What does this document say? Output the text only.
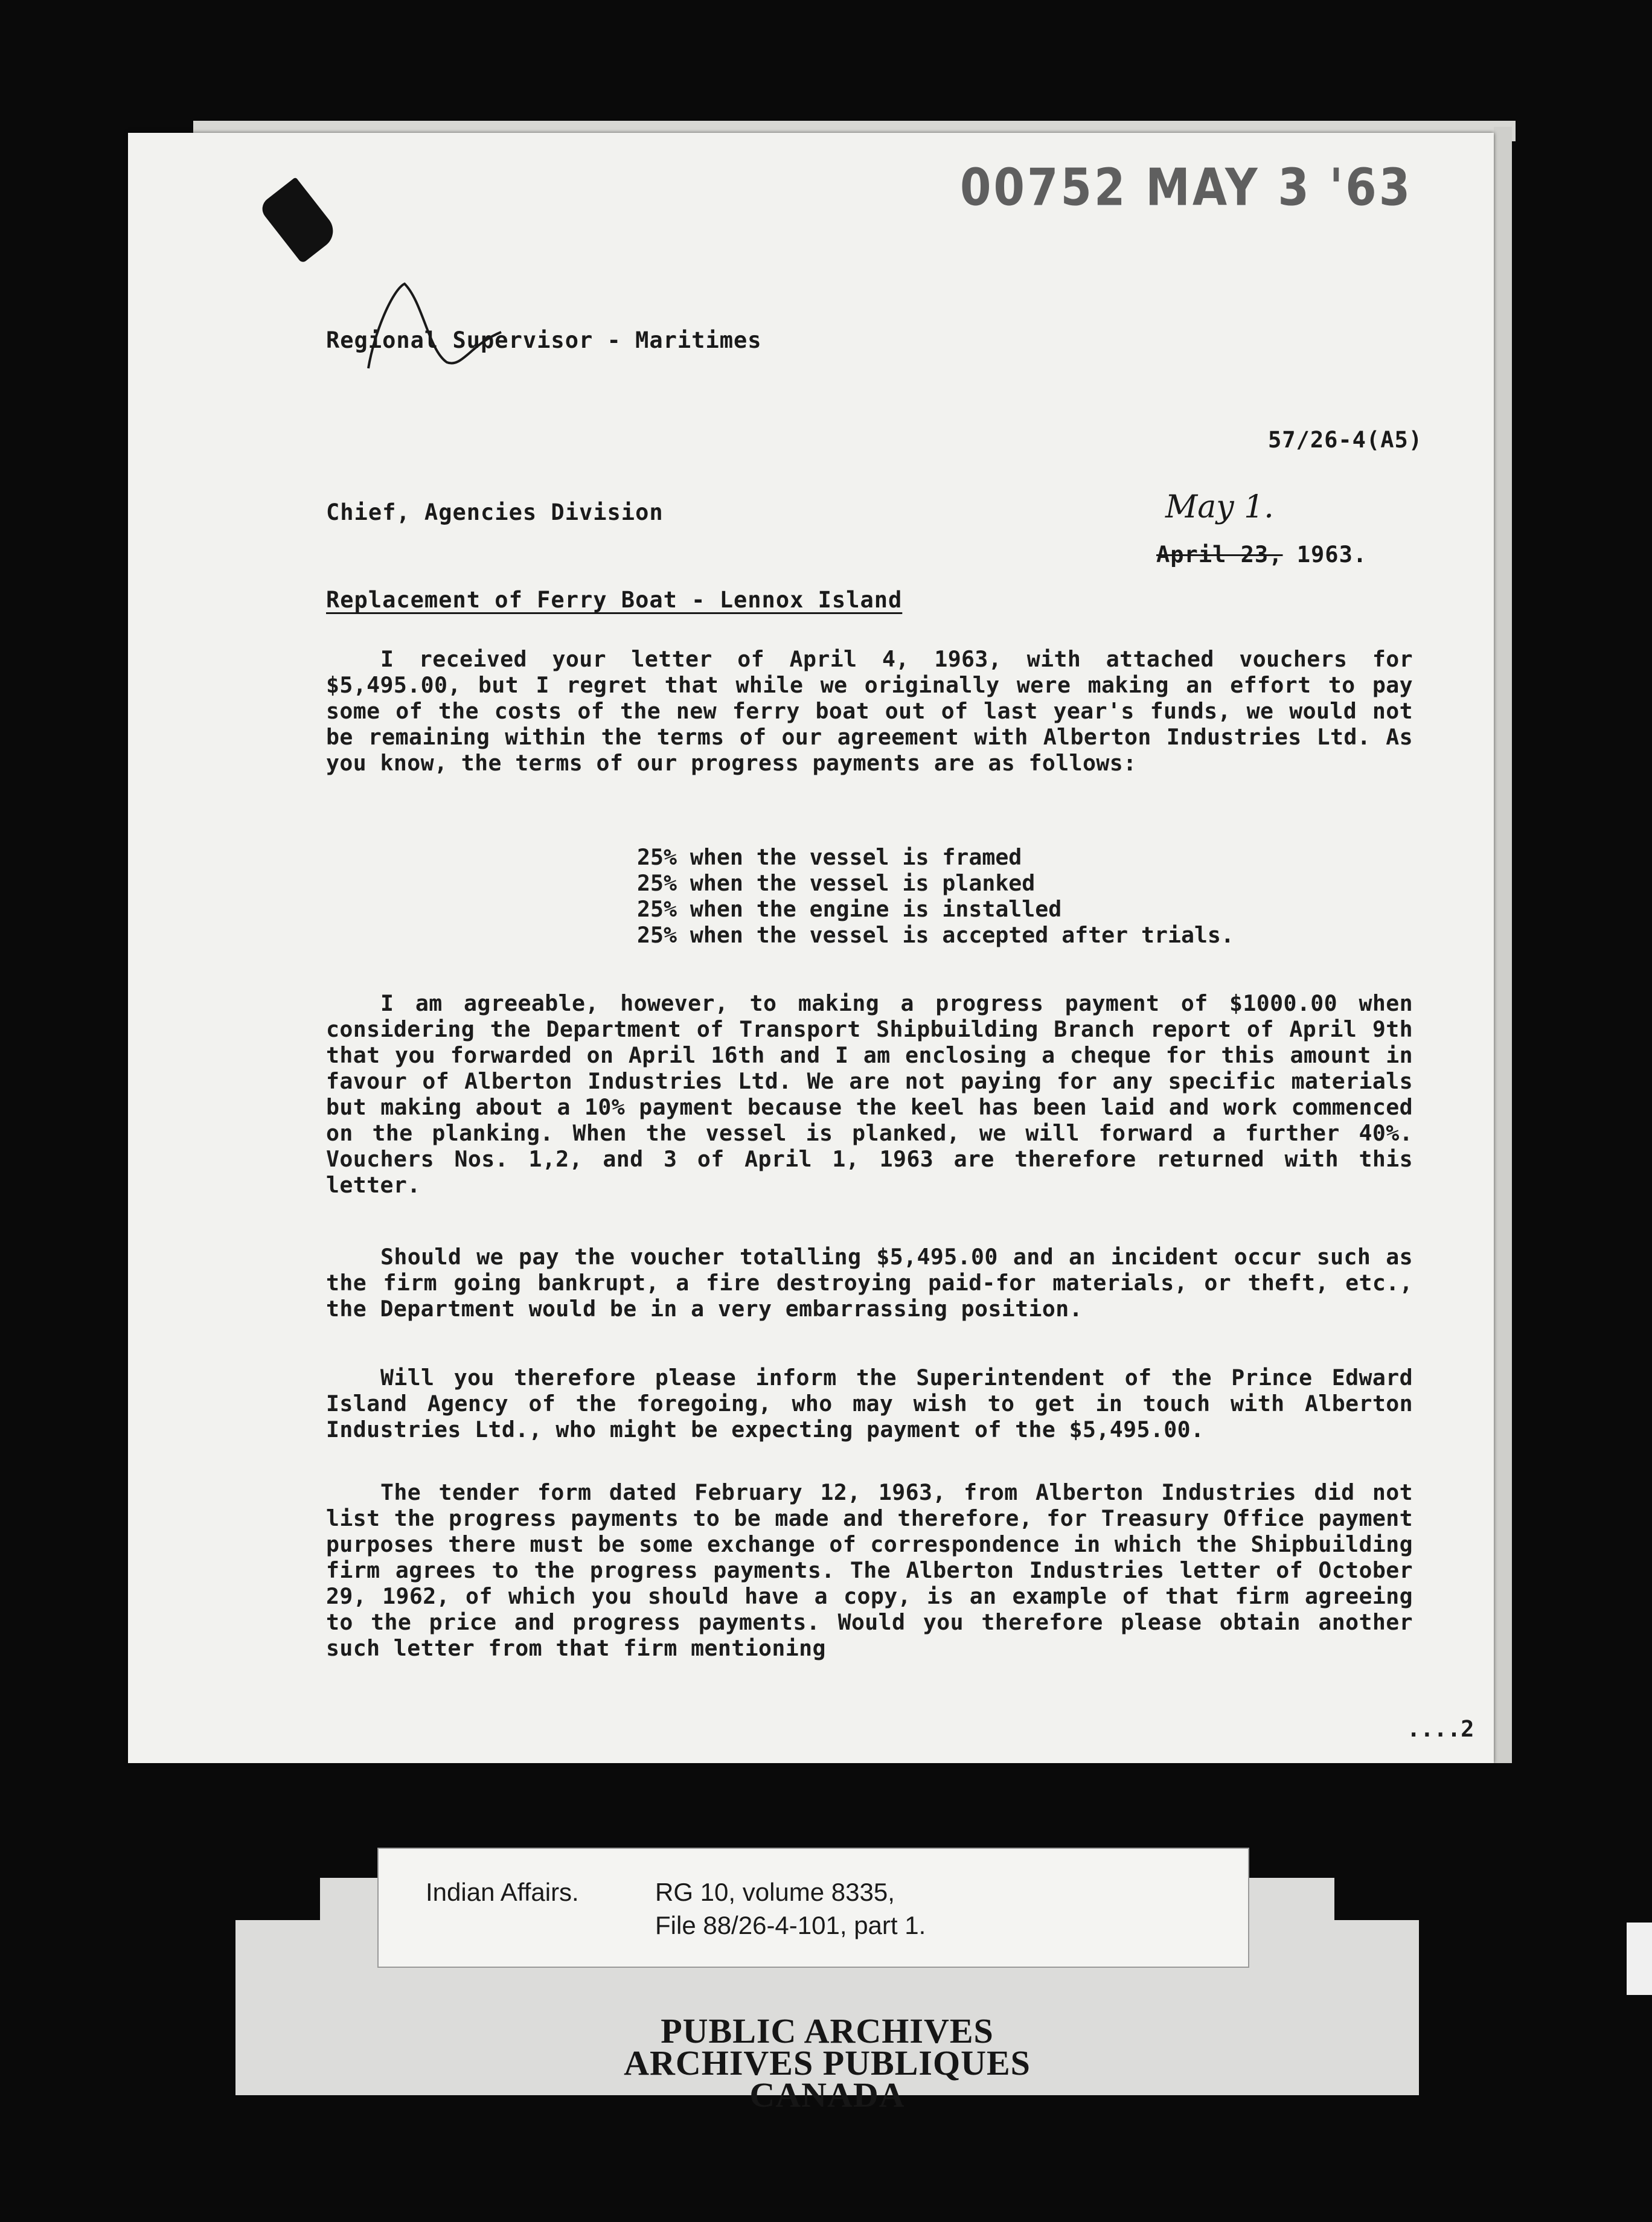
00752 MAY 3 '63
Regional Supervisor - Maritimes
57/26-4(A5)
Chief, Agencies Division	May 1.
April 23, 1963.
Replacement of Ferry Boat - Lennox Island

I received your letter of April 4, 1963, with attached vouchers for $5,495.00, but I regret that while we originally were making an effort to pay some of the costs of the new ferry boat out of last year's funds, we would not be remaining within the terms of our agreement with Alberton Industries Ltd. As you know, the terms of our progress payments are as follows:

25% when the vessel is framed
25% when the vessel is planked
25% when the engine is installed
25% when the vessel is accepted after trials.

I am agreeable, however, to making a progress payment of $1000.00 when considering the Department of Transport Shipbuilding Branch report of April 9th that you forwarded on April 16th and I am enclosing a cheque for this amount in favour of Alberton Industries Ltd. We are not paying for any specific materials but making about a 10% payment because the keel has been laid and work commenced on the planking. When the vessel is planked, we will forward a further 40%. Vouchers Nos. 1,2, and 3 of April 1, 1963 are therefore returned with this letter.

Should we pay the voucher totalling $5,495.00 and an incident occur such as the firm going bankrupt, a fire destroying paid-for materials, or theft, etc., the Department would be in a very embarrassing position.

Will you therefore please inform the Superintendent of the Prince Edward Island Agency of the foregoing, who may wish to get in touch with Alberton Industries Ltd., who might be expecting payment of the $5,495.00.

The tender form dated February 12, 1963, from Alberton Industries did not list the progress payments to be made and therefore, for Treasury Office payment purposes there must be some exchange of correspondence in which the Shipbuilding firm agrees to the progress payments. The Alberton Industries letter of October 29, 1962, of which you should have a copy, is an example of that firm agreeing to the price and progress payments. Would you therefore please obtain another such letter from that firm mentioning

....2
Indian Affairs.	RG 10, volume 8335,
File 88/26-4-101, part 1.
PUBLIC ARCHIVES
ARCHIVES PUBLIQUES
CANADA
